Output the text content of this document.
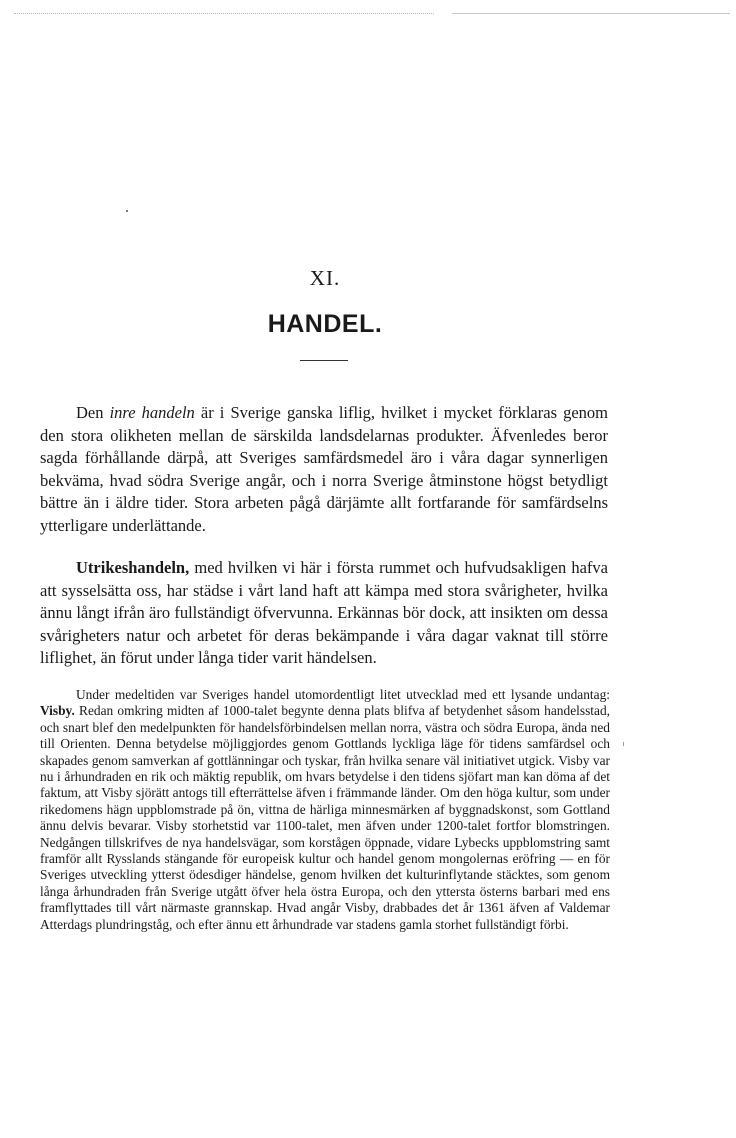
XI.
HANDEL.

Den inre handeln är i Sverige ganska liflig, hvilket i mycket förklaras genom den stora olikheten mellan de särskilda landsdelarnas produkter. Äfvenledes beror sagda förhållande därpå, att Sveriges samfärdsmedel äro i våra dagar synnerligen bekväma, hvad södra Sverige angår, och i norra Sverige åtminstone högst betydligt bättre än i äldre tider. Stora arbeten pågå därjämte allt fortfarande för samfärdselns ytterligare underlättande.

Utrikeshandeln, med hvilken vi här i första rummet och hufvudsakligen hafva att sysselsätta oss, har städse i vårt land haft att kämpa med stora svårigheter, hvilka ännu långt ifrån äro fullständigt öfvervunna. Erkännas bör dock, att insikten om dessa svårigheters natur och arbetet för deras bekämpande i våra dagar vaknat till större liflighet, än förut under långa tider varit händelsen.

Under medeltiden var Sveriges handel utomordentligt litet utvecklad med ett lysande undantag: Visby. Redan omkring midten af 1000-talet begynte denna plats blifva af betydenhet såsom handelsstad, och snart blef den medelpunkten för handelsförbindelsen mellan norra, västra och södra Europa, ända ned till Orienten. Denna betydelse möjliggjordes genom Gottlands lyckliga läge för tidens samfärdsel och skapades genom samverkan af gottlänningar och tyskar, från hvilka senare väl initiativet utgick. Visby var nu i århundraden en rik och mäktig republik, om hvars betydelse i den tidens sjöfart man kan döma af det faktum, att Visby sjörätt antogs till efterrättelse äfven i främmande länder. Om den höga kultur, som under rikedomens hägn uppblomstrade på ön, vittna de härliga minnesmärken af byggnadskonst, som Gottland ännu delvis bevarar. Visby storhetstid var 1100-talet, men äfven under 1200-talet fortfor blomstringen. Nedgången tillskrifves de nya handelsvägar, som korstågen öppnade, vidare Lybecks uppblomstring samt framför allt Rysslands stängande för europeisk kultur och handel genom mongolernas eröfring — en för Sveriges utveckling ytterst ödesdiger händelse, genom hvilken det kulturinflytande stäcktes, som genom långa århundraden från Sverige utgått öfver hela östra Europa, och den yttersta österns barbari med ens framflyttades till vårt närmaste grannskap. Hvad angår Visby, drabbades det år 1361 äfven af Valdemar Atterdags plundringståg, och efter ännu ett århundrade var stadens gamla storhet fullständigt förbi.
